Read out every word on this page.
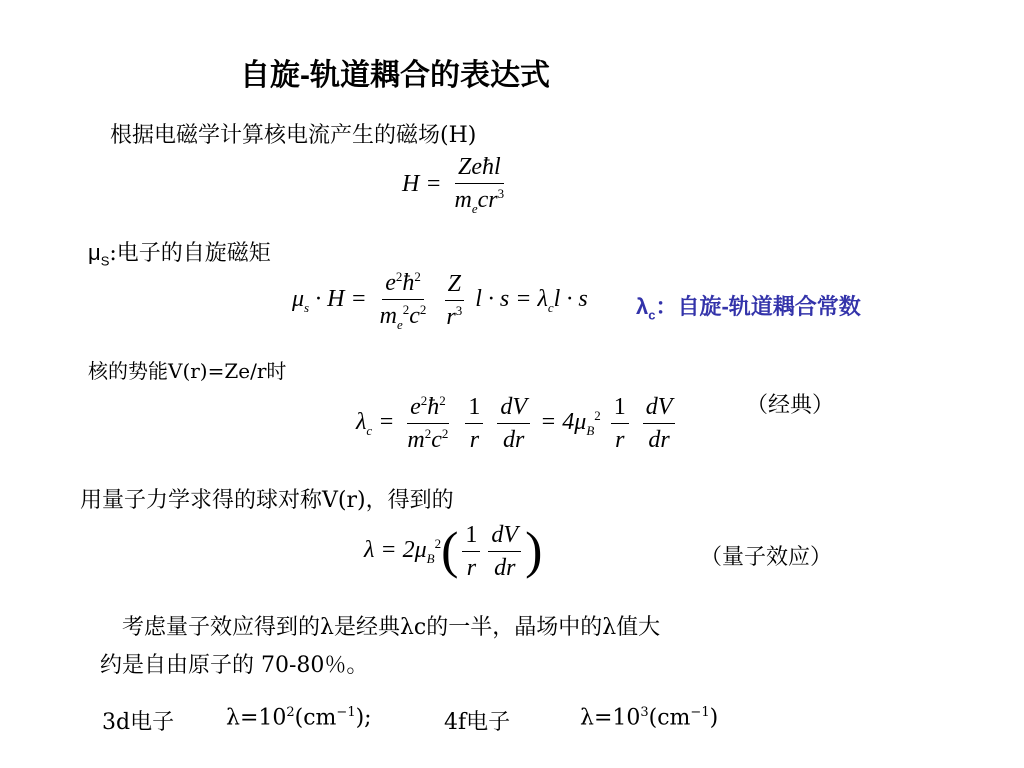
自旋-轨道耦合的表达式
根据电磁学计算核电流产生的磁场(H)
$H = \frac{\text{Zeħl}}{m_ecr^3}$
$\mu_S$:电子的自旋磁矩
$\mu_s \cdot H = \frac{e^2ħ^2}{m_e^2c^2}$
$\frac{Z}{r^3}$ $l \cdot s = \lambda_cl \cdot s$ $\lambda_c$：自旋-轨道耦合常数
核的势能V(r)=Ze/r时
（经典）
$\lambda_c = \frac{e^2ħ^2}{m^2c^2}$
$\frac{1}{r}$
$\frac{dV}{dr} = 4\mu_B^2 \frac{1}{r}$
$\frac{dV}{dr}$
用量子力学求得的球对称V(r)，得到的
$\lambda = 2\mu_B^2( \frac{1}{r} \frac{dV}{dr}$ )	（量子效应）
考虑量子效应得到的λ是经典λc的一半，晶场中的λ值大
约是自由原子的 70-80％。
3d电子 $\lambda=10^2(cm^{-1})$;	4f电子	$\lambda=10^3(cm^{-1})$
